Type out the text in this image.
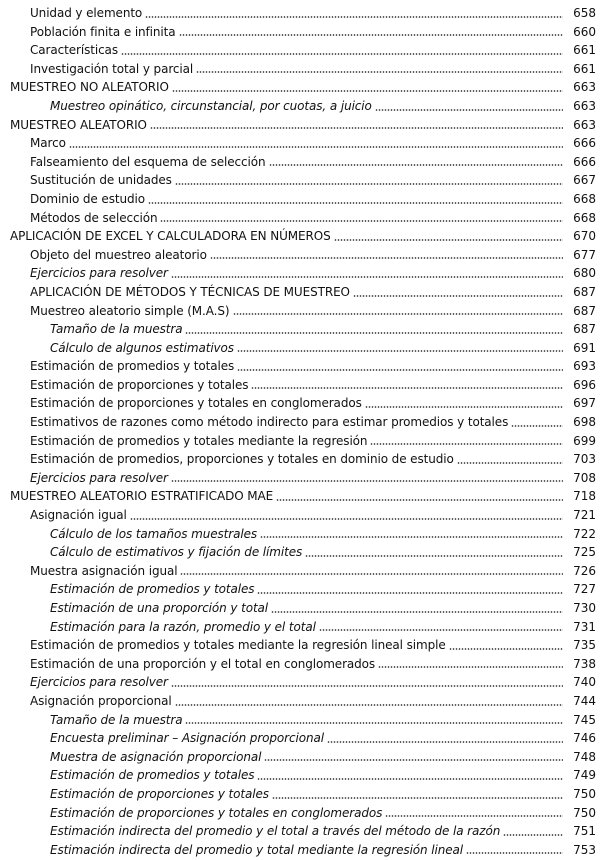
Unidad y elemento	658
Población finita e infinita	660
Características	661
Investigación total y parcial	661
MUESTREO NO ALEATORIO	663
Muestreo opinático, circunstancial, por cuotas, a juicio	663
MUESTREO ALEATORIO	663
Marco	666
Falseamiento del esquema de selección	666
Sustitución de unidades	667
Dominio de estudio	668
Métodos de selección	668
APLICACIÓN DE EXCEL Y CALCULADORA EN NÚMEROS	670
Objeto del muestreo aleatorio	677
Ejercicios para resolver	680
APLICACIÓN DE MÉTODOS Y TÉCNICAS DE MUESTREO	687
Muestreo aleatorio simple (M.A.S)	687
Tamaño de la muestra	687
Cálculo de algunos estimativos	691
Estimación de promedios y totales	693
Estimación de proporciones y totales	696
Estimación de proporciones y totales en conglomerados	697
Estimativos de razones como método indirecto para estimar promedios y totales	698
Estimación de promedios y totales mediante la regresión	699
Estimación de promedios, proporciones y totales en dominio de estudio	703
Ejercicios para resolver	708
MUESTREO ALEATORIO ESTRATIFICADO MAE	718
Asignación igual	721
Cálculo de los tamaños muestrales	722
Cálculo de estimativos y fijación de límites	725
Muestra asignación igual	726
Estimación de promedios y totales	727
Estimación de una proporción y total	730
Estimación para la razón, promedio y el total	731
Estimación de promedios y totales mediante la regresión lineal simple	735
Estimación de una proporción y el total en conglomerados	738
Ejercicios para resolver	740
Asignación proporcional	744
Tamaño de la muestra	745
Encuesta preliminar – Asignación proporcional	746
Muestra de asignación proporcional	748
Estimación de promedios y totales	749
Estimación de proporciones y totales	750
Estimación de proporciones y totales en conglomerados	750
Estimación indirecta del promedio y el total a través del método de la razón	751
Estimación indirecta del promedio y total mediante la regresión lineal	753
